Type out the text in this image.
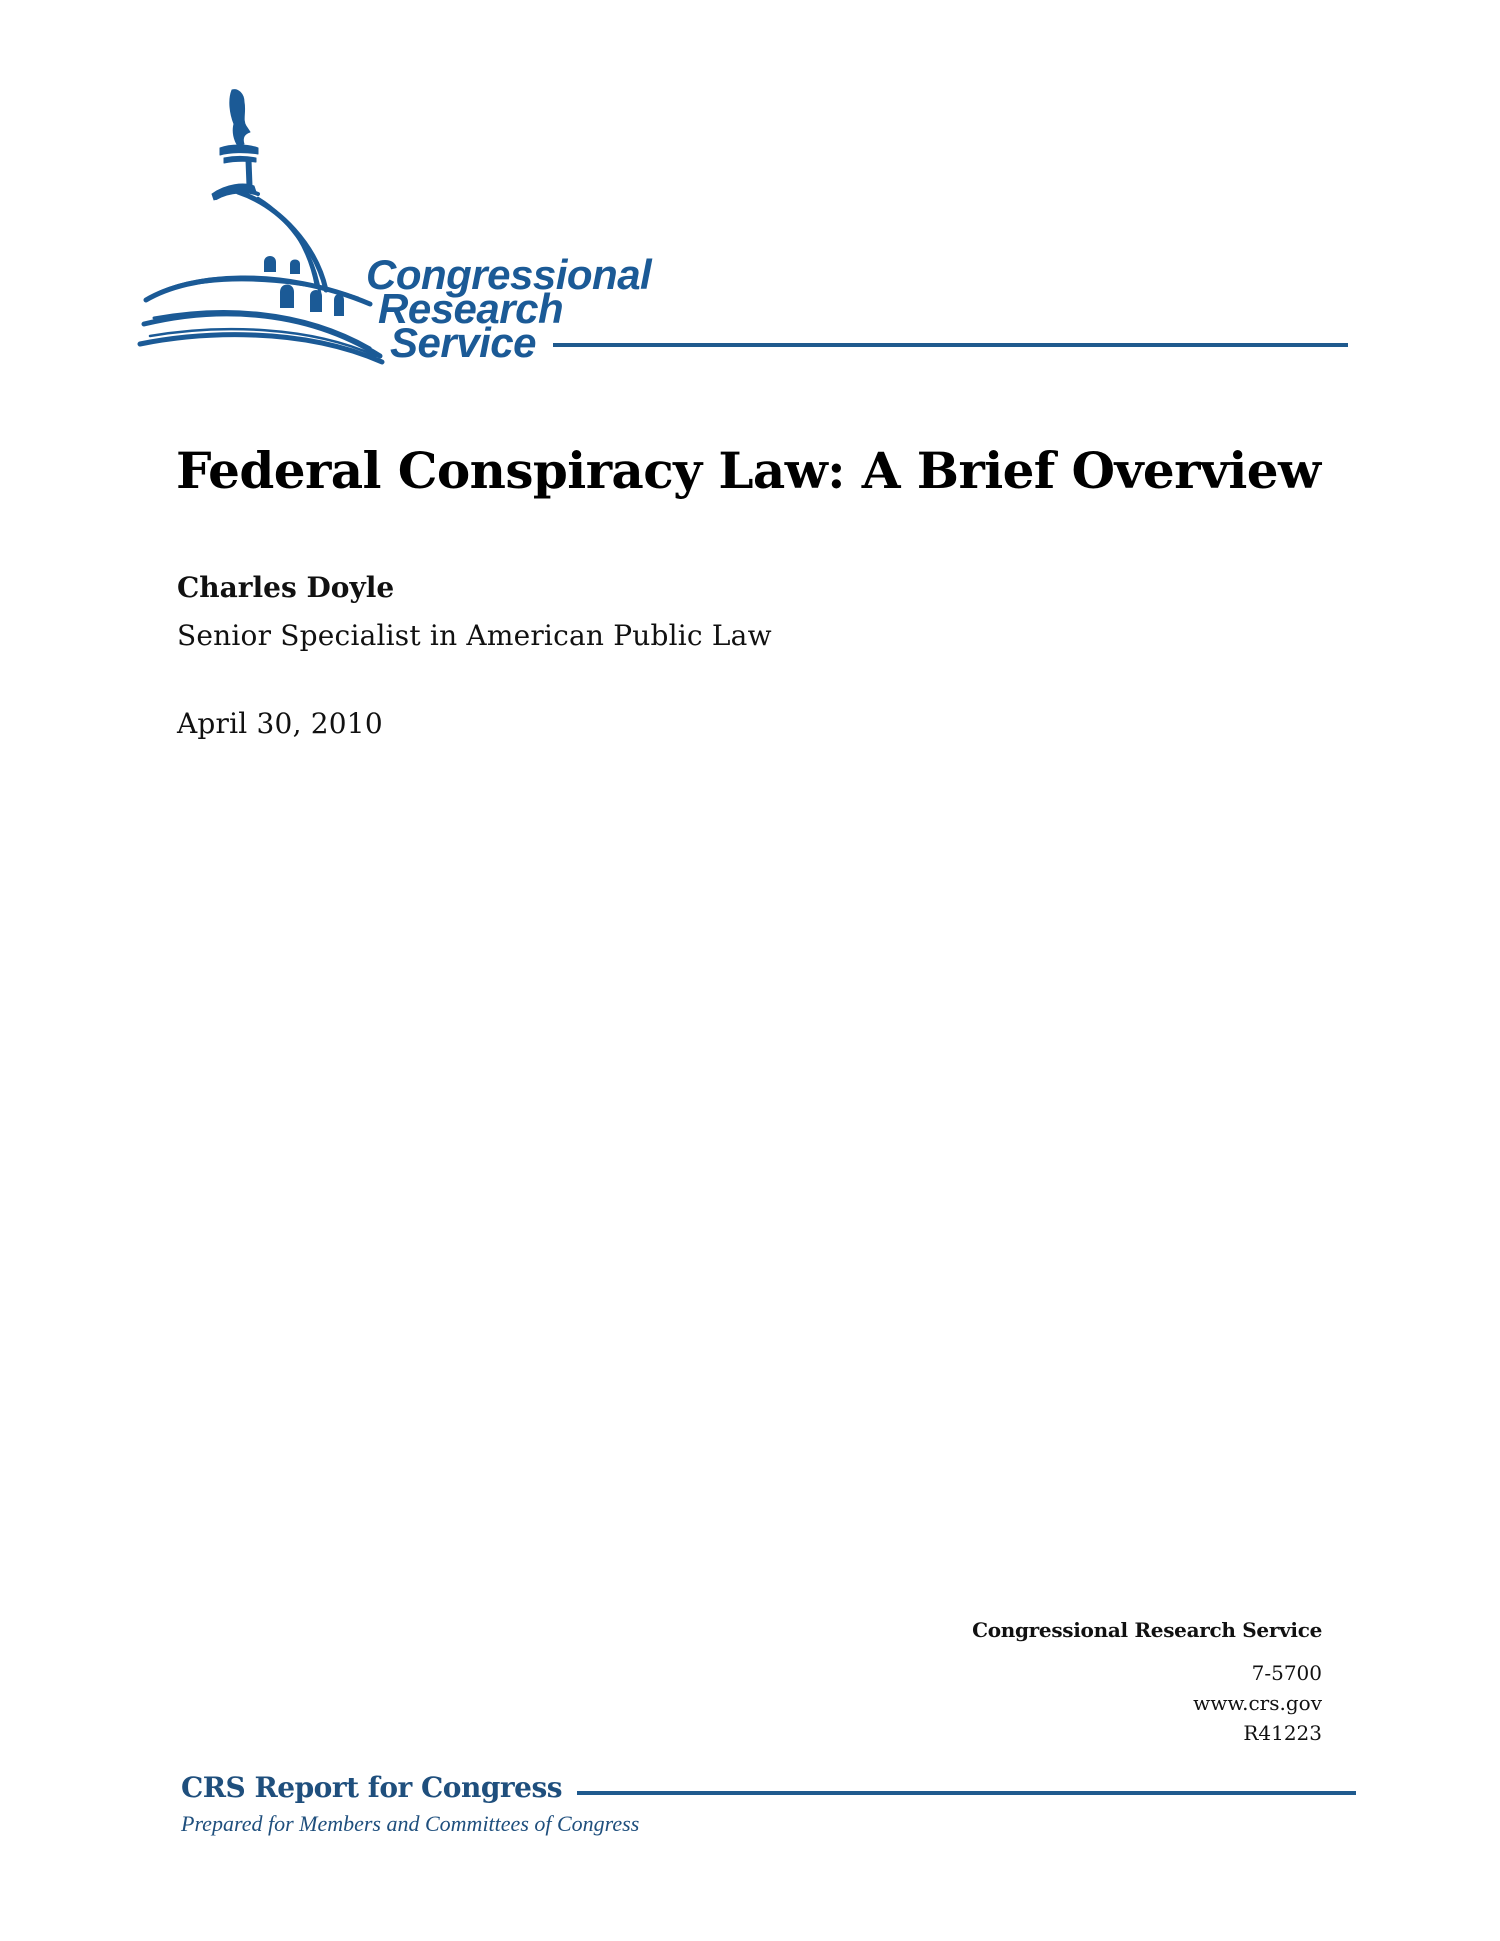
Congressional
Research
Service
Federal Conspiracy Law: A Brief Overview
Charles Doyle
Senior Specialist in American Public Law
April 30, 2010
Congressional Research Service
7-5700
www.crs.gov
R41223
CRS Report for Congress
Prepared for Members and Committees of Congress
